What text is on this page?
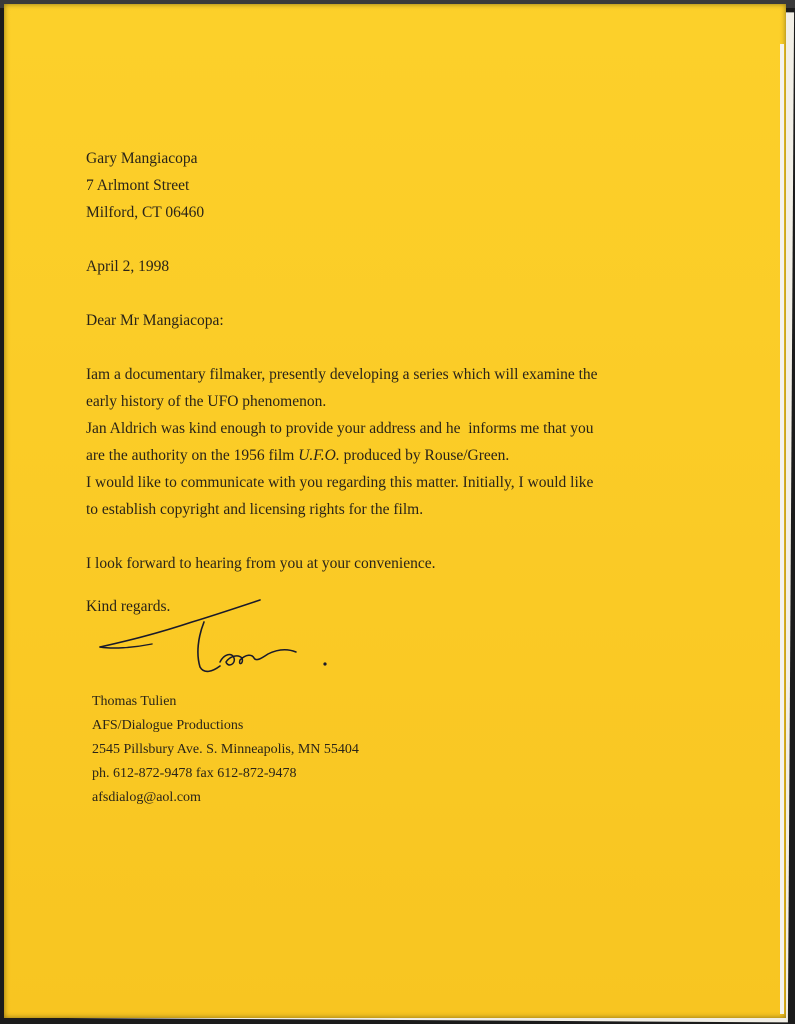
Gary Mangiacopa
7 Arlmont Street
Milford, CT 06460
April 2, 1998
Dear Mr Mangiacopa:
Iam a documentary filmaker, presently developing a series which will examine the
early history of the UFO phenomenon.
Jan Aldrich was kind enough to provide your address and he  informs me that you
are the authority on the 1956 film U.F.O. produced by Rouse/Green.
I would like to communicate with you regarding this matter. Initially, I would like
to establish copyright and licensing rights for the film.
I look forward to hearing from you at your convenience.
Kind regards.
Thomas Tulien
AFS/Dialogue Productions
2545 Pillsbury Ave. S. Minneapolis, MN 55404
ph. 612-872-9478 fax 612-872-9478
afsdialog@aol.com
